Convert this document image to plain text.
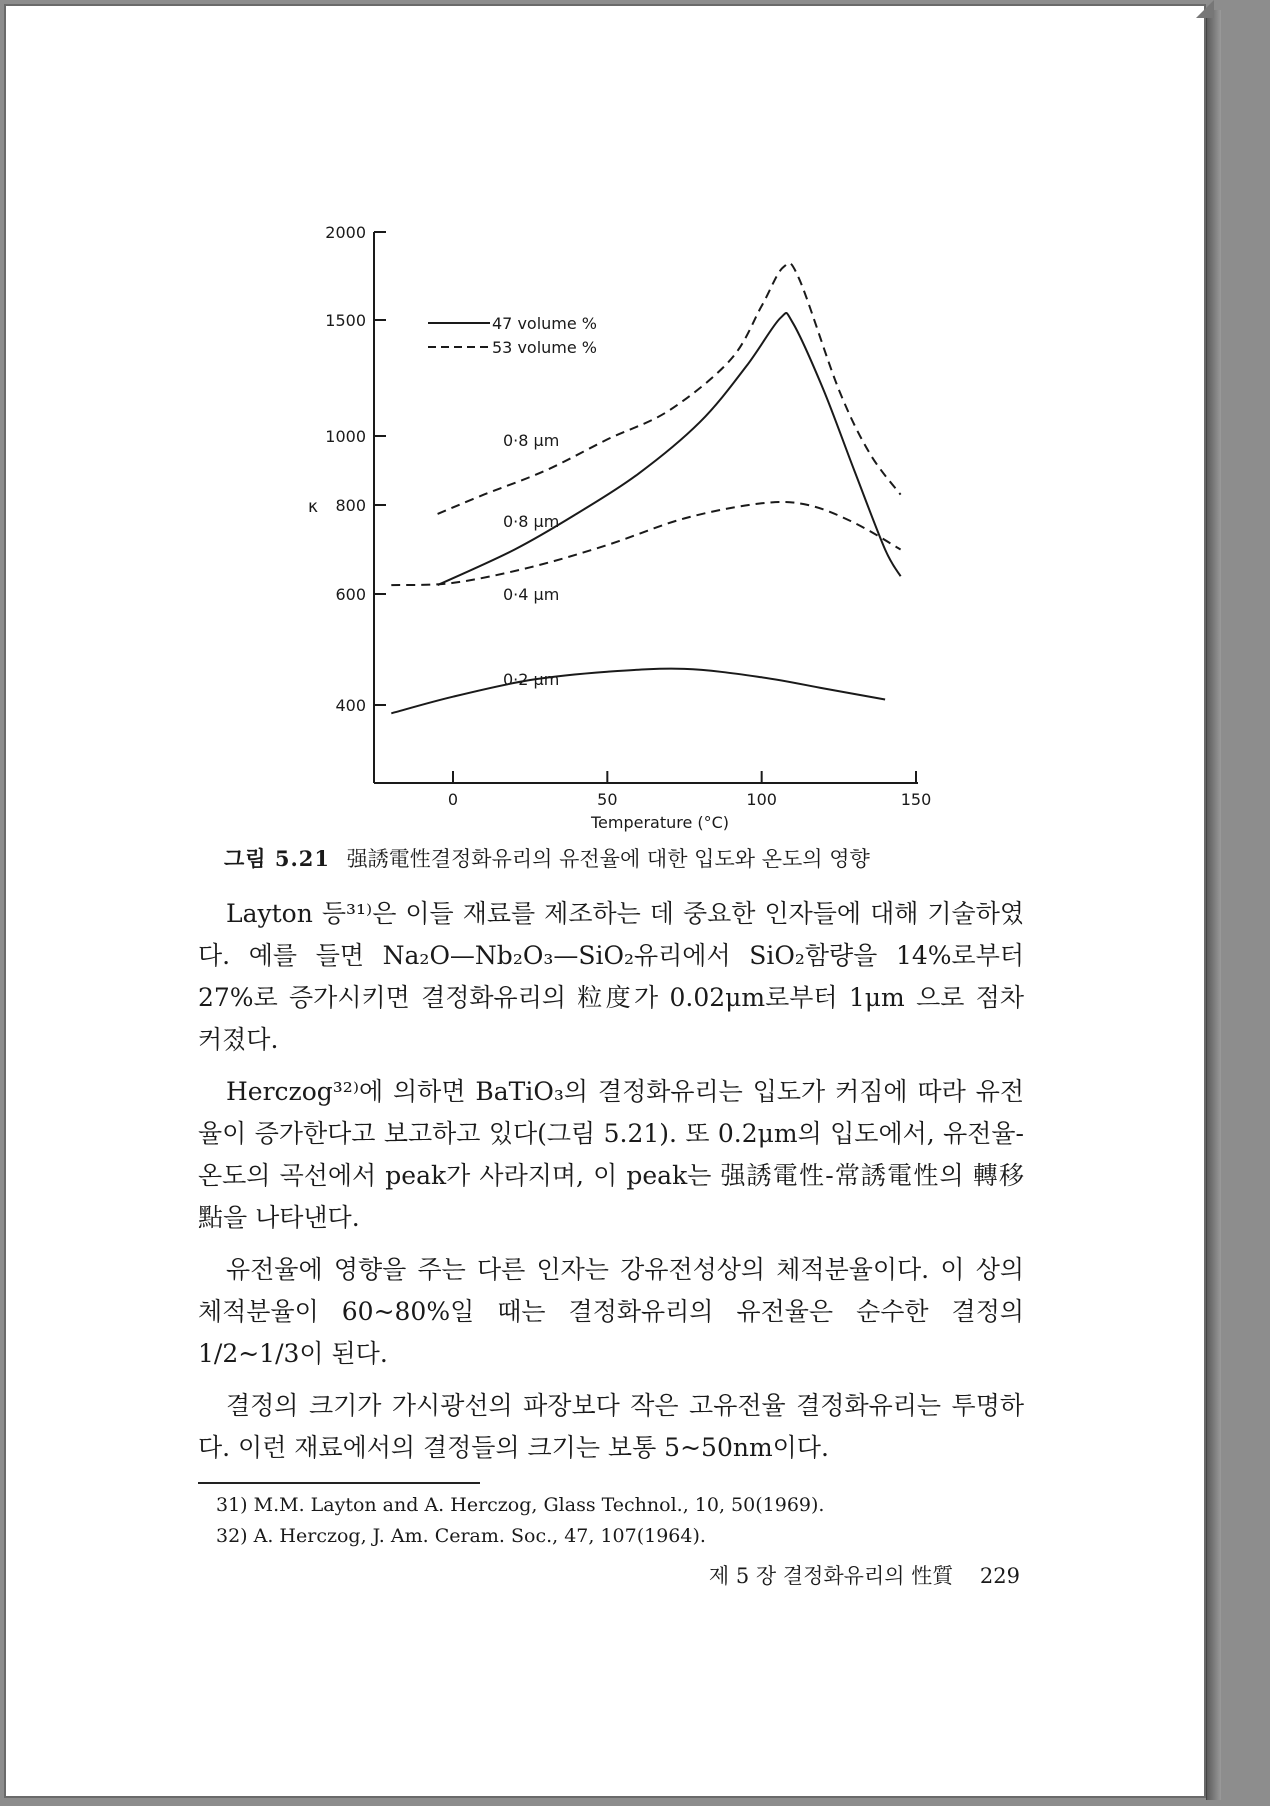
2000
1500
1000
800
600
400
κ
0	50	100	150
Temperature (°C)
47 volume %
53 volume %
0·8 μm
0·8 μm
0·4 μm
0·2 μm
그림 5.21 强誘電性결정화유리의 유전율에 대한 입도와 온도의 영향

Layton 등³¹⁾은 이들 재료를 제조하는 데 중요한 인자들에 대해 기술하였다. 예를 들면 Na₂O—Nb₂O₃—SiO₂유리에서 SiO₂함량을 14%로부터 27%로 증가시키면 결정화유리의 粒度가 0.02μm로부터 1μm 으로 점차 커졌다.

Herczog³²⁾에 의하면 BaTiO₃의 결정화유리는 입도가 커짐에 따라 유전율이 증가한다고 보고하고 있다(그림 5.21). 또 0.2μm의 입도에서, 유전율-온도의 곡선에서 peak가 사라지며, 이 peak는 强誘電性-常誘電性의 轉移點을 나타낸다.

유전율에 영향을 주는 다른 인자는 강유전성상의 체적분율이다. 이 상의 체적분율이 60~80%일 때는 결정화유리의 유전율은 순수한 결정의 1/2~1/3이 된다.

결정의 크기가 가시광선의 파장보다 작은 고유전율 결정화유리는 투명하다. 이런 재료에서의 결정들의 크기는 보통 5~50nm이다.

31) M.M. Layton and A. Herczog, Glass Technol., 10, 50(1969).
32) A. Herczog, J. Am. Ceram. Soc., 47, 107(1964).
제 5 장 결정화유리의 性質 229
